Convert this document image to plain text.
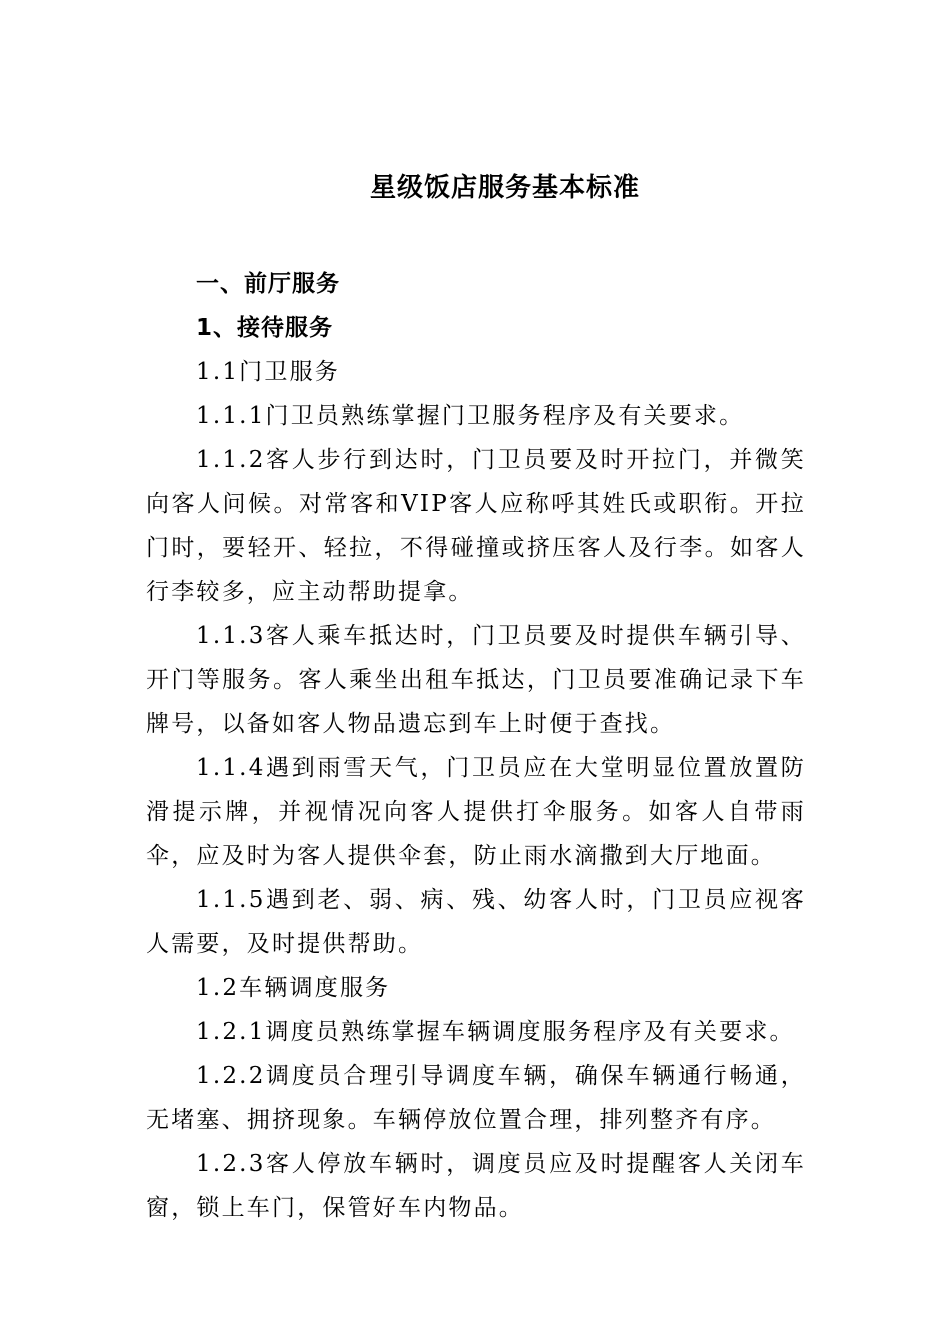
星级饭店服务基本标准

一、前厅服务

1、接待服务

1.1门卫服务

1.1.1门卫员熟练掌握门卫服务程序及有关要求。

1.1.2客人步行到达时，门卫员要及时开拉门，并微笑向客人问候。对常客和VIP客人应称呼其姓氏或职衔。开拉门时，要轻开、轻拉，不得碰撞或挤压客人及行李。如客人行李较多，应主动帮助提拿。

1.1.3客人乘车抵达时，门卫员要及时提供车辆引导、开门等服务。客人乘坐出租车抵达，门卫员要准确记录下车牌号，以备如客人物品遗忘到车上时便于查找。

1.1.4遇到雨雪天气，门卫员应在大堂明显位置放置防滑提示牌，并视情况向客人提供打伞服务。如客人自带雨伞，应及时为客人提供伞套，防止雨水滴撒到大厅地面。

1.1.5遇到老、弱、病、残、幼客人时，门卫员应视客人需要，及时提供帮助。

1.2车辆调度服务

1.2.1调度员熟练掌握车辆调度服务程序及有关要求。

1.2.2调度员合理引导调度车辆，确保车辆通行畅通，无堵塞、拥挤现象。车辆停放位置合理，排列整齐有序。

1.2.3客人停放车辆时，调度员应及时提醒客人关闭车窗，锁上车门，保管好车内物品。
